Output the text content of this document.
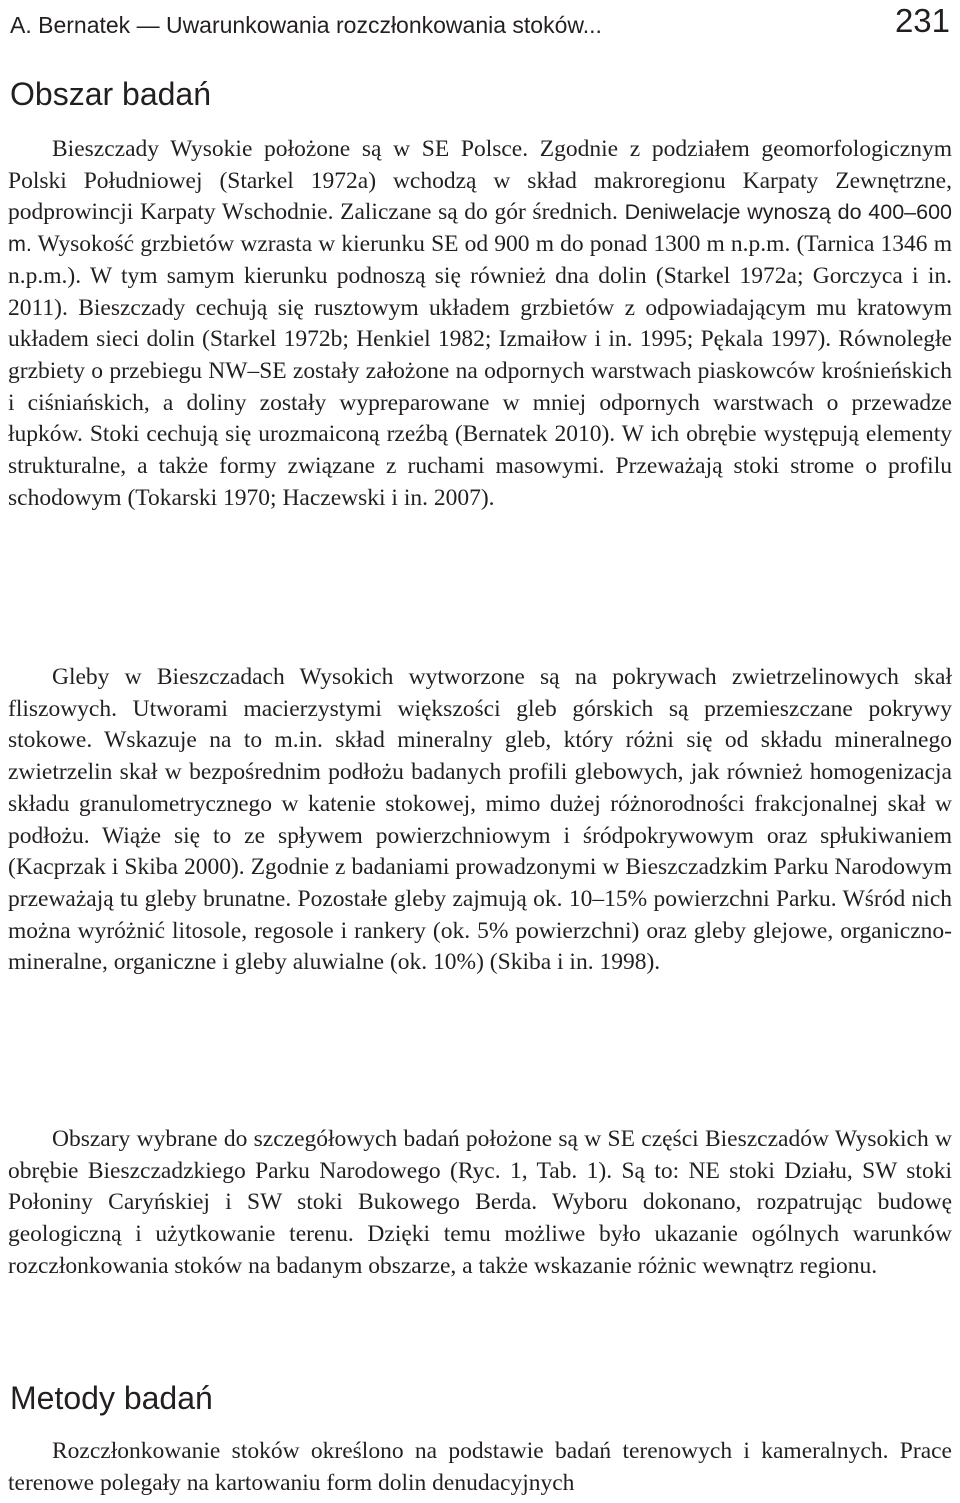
A. Bernatek — Uwarunkowania rozczłonkowania stoków...	231
Obszar badań

Bieszczady Wysokie położone są w SE Polsce. Zgodnie z podziałem geomorfologicznym Polski Południowej (Starkel 1972a) wchodzą w skład makroregionu Karpaty Zewnętrzne, podprowincji Karpaty Wschodnie. Zaliczane są do gór średnich. Deniwelacje wynoszą do 400–600 m. Wysokość grzbietów wzrasta w kierunku SE od 900 m do ponad 1300 m n.p.m. (Tarnica 1346 m n.p.m.). W tym samym kierunku podnoszą się również dna dolin (Starkel 1972a; Gorczyca i in. 2011). Bieszczady cechują się rusztowym układem grzbietów z odpowiadającym mu kratowym układem sieci dolin (Starkel 1972b; Henkiel 1982; Izmaiłow i in. 1995; Pękala 1997). Równoległe grzbiety o przebiegu NW–SE zostały założone na odpornych warstwach piaskowców krośnieńskich i ciśniańskich, a doliny zostały wypreparowane w mniej odpornych warstwach o przewadze łupków. Stoki cechują się urozmaiconą rzeźbą (Bernatek 2010). W ich obrębie występują elementy strukturalne, a także formy związane z ruchami masowymi. Przeważają stoki strome o profilu schodowym (Tokarski 1970; Haczewski i in. 2007).

Gleby w Bieszczadach Wysokich wytworzone są na pokrywach zwietrzelinowych skał fliszowych. Utworami macierzystymi większości gleb górskich są przemieszczane pokrywy stokowe. Wskazuje na to m.in. skład mineralny gleb, który różni się od składu mineralnego zwietrzelin skał w bezpośrednim podłożu badanych profili glebowych, jak również homogenizacja składu granulometrycznego w katenie stokowej, mimo dużej różnorodności frakcjonalnej skał w podłożu. Wiąże się to ze spływem powierzchniowym i śródpokrywowym oraz spłukiwaniem (Kacprzak i Skiba 2000). Zgodnie z badaniami prowadzonymi w Bieszczadzkim Parku Narodowym przeważają tu gleby brunatne. Pozostałe gleby zajmują ok. 10–15% powierzchni Parku. Wśród nich można wyróżnić litosole, regosole i rankery (ok. 5% powierzchni) oraz gleby glejowe, organiczno-mineralne, organiczne i gleby aluwialne (ok. 10%) (Skiba i in. 1998).

Obszary wybrane do szczegółowych badań położone są w SE części Bieszczadów Wysokich w obrębie Bieszczadzkiego Parku Narodowego (Ryc. 1, Tab. 1). Są to: NE stoki Działu, SW stoki Połoniny Caryńskiej i SW stoki Bukowego Berda. Wyboru dokonano, rozpatrując budowę geologiczną i użytkowanie terenu. Dzięki temu możliwe było ukazanie ogólnych warunków rozczłonkowania stoków na badanym obszarze, a także wskazanie różnic wewnątrz regionu.

Metody badań

Rozczłonkowanie stoków określono na podstawie badań terenowych i kameralnych. Prace terenowe polegały na kartowaniu form dolin denudacyjnych
